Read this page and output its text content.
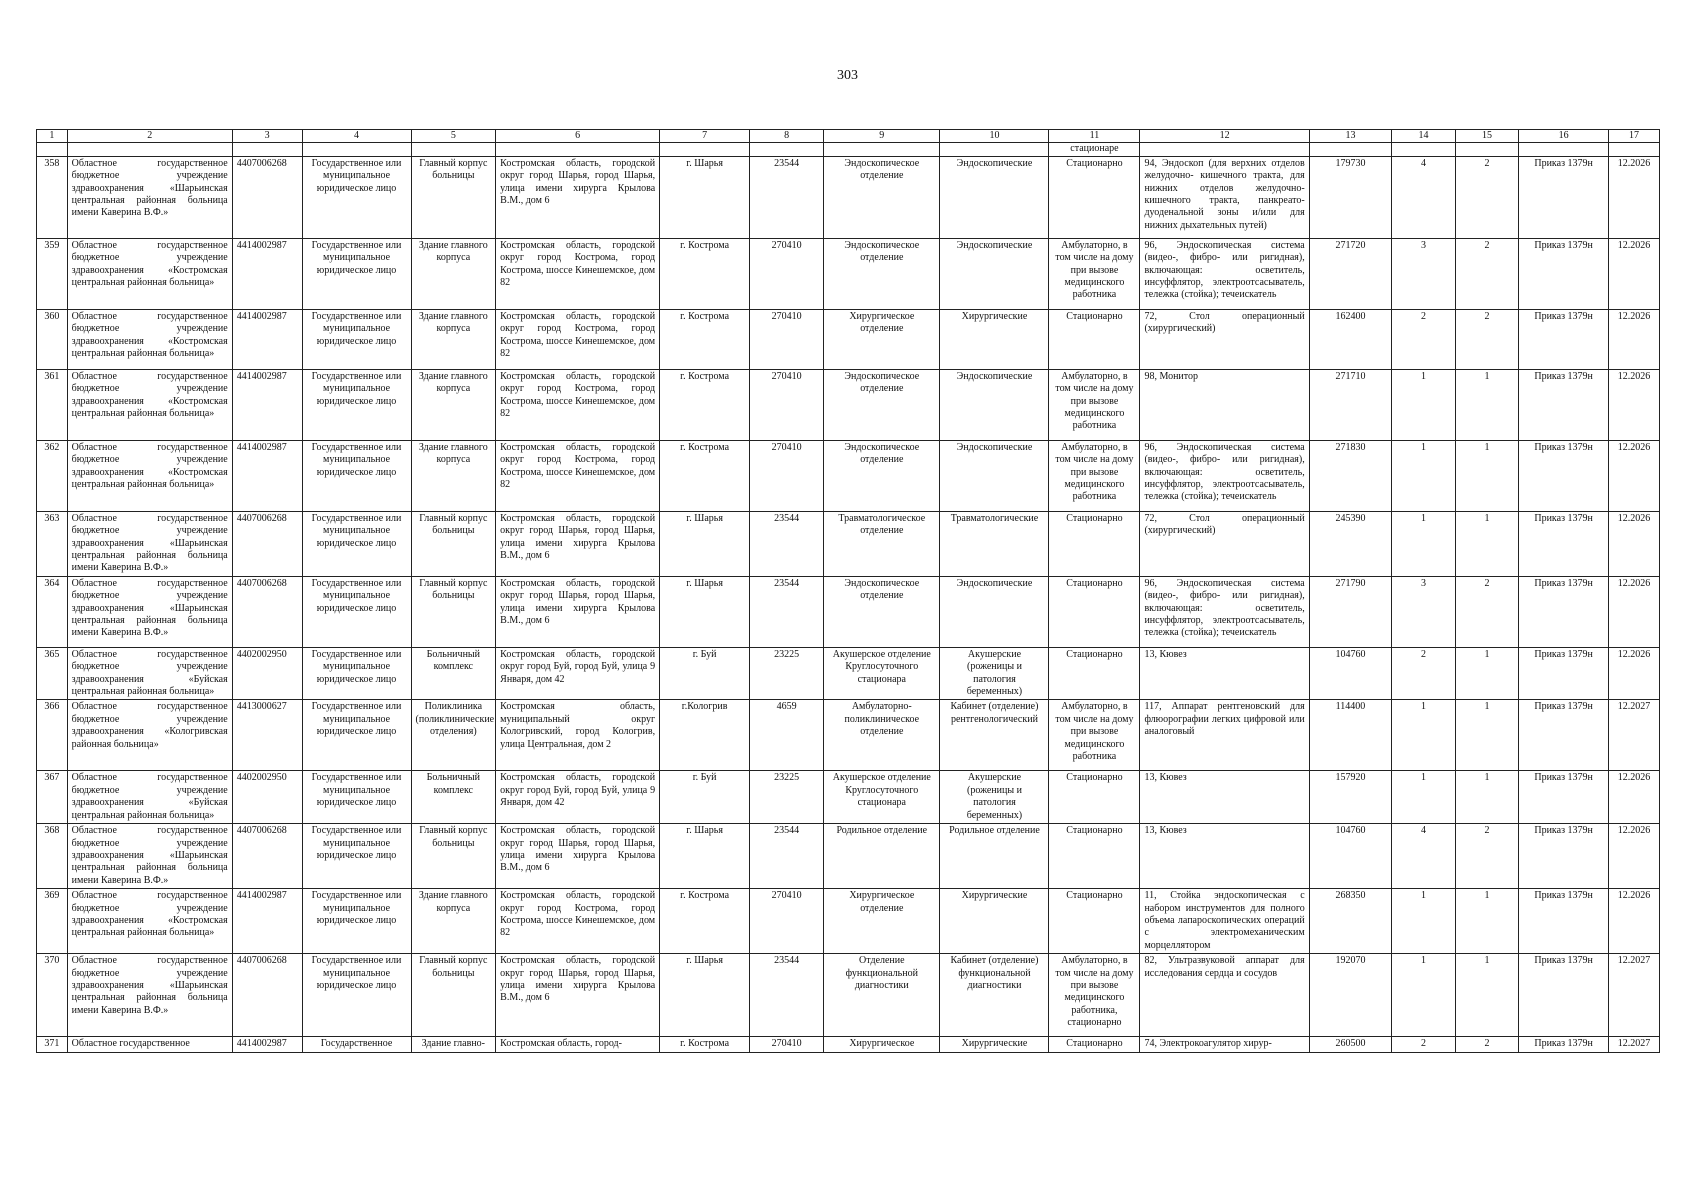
303
1	2	3	4	5	6	7	8	9	10	11	12	13	14	15	16	17
										стационаре						
358	Областное государственное бюджетное учреждение здравоохранения «Шарьинская центральная районная больница имени Каверина В.Ф.»	4407006268	Государственное или муниципальное юридическое лицо	Главный корпус больницы	Костромская область, городской округ город Шарья, город Шарья, улица имени хирурга Крылова В.М., дом 6	г. Шарья	23544	Эндоскопическое отделение	Эндоскопические	Стационарно	94, Эндоскоп (для верхних отделов желудочно- кишечного тракта, для нижних отделов желудочно-кишечного тракта, панкреато-дуоденальной зоны и/или для нижних дыхательных путей)	179730	4	2	Приказ 1379н	12.2026
359	Областное государственное бюджетное учреждение здравоохранения «Костромская центральная районная больница»	4414002987	Государственное или муниципальное юридическое лицо	Здание главного корпуса	Костромская область, городской округ город Кострома, город Кострома, шоссе Кинешемское, дом 82	г. Кострома	270410	Эндоскопическое отделение	Эндоскопические	Амбулаторно, в том числе на дому при вызове медицинского работника	96, Эндоскопическая система (видео-, фибро- или ригидная), включающая: осветитель, инсуффлятор, электроотсасыватель, тележка (стойка); течеискатель	271720	3	2	Приказ 1379н	12.2026
360	Областное государственное бюджетное учреждение здравоохранения «Костромская центральная районная больница»	4414002987	Государственное или муниципальное юридическое лицо	Здание главного корпуса	Костромская область, городской округ город Кострома, город Кострома, шоссе Кинешемское, дом 82	г. Кострома	270410	Хирургическое отделение	Хирургические	Стационарно	72, Стол операционный (хирургический)	162400	2	2	Приказ 1379н	12.2026
361	Областное государственное бюджетное учреждение здравоохранения «Костромская центральная районная больница»	4414002987	Государственное или муниципальное юридическое лицо	Здание главного корпуса	Костромская область, городской округ город Кострома, город Кострома, шоссе Кинешемское, дом 82	г. Кострома	270410	Эндоскопическое отделение	Эндоскопические	Амбулаторно, в том числе на дому при вызове медицинского работника	98, Монитор	271710	1	1	Приказ 1379н	12.2026
362	Областное государственное бюджетное учреждение здравоохранения «Костромская центральная районная больница»	4414002987	Государственное или муниципальное юридическое лицо	Здание главного корпуса	Костромская область, городской округ город Кострома, город Кострома, шоссе Кинешемское, дом 82	г. Кострома	270410	Эндоскопическое отделение	Эндоскопические	Амбулаторно, в том числе на дому при вызове медицинского работника	96, Эндоскопическая система (видео-, фибро- или ригидная), включающая: осветитель, инсуффлятор, электроотсасыватель, тележка (стойка); течеискатель	271830	1	1	Приказ 1379н	12.2026
363	Областное государственное бюджетное учреждение здравоохранения «Шарьинская центральная районная больница имени Каверина В.Ф.»	4407006268	Государственное или муниципальное юридическое лицо	Главный корпус больницы	Костромская область, городской округ город Шарья, город Шарья, улица имени хирурга Крылова В.М., дом 6	г. Шарья	23544	Травматологическое отделение	Травматологические	Стационарно	72, Стол операционный (хирургический)	245390	1	1	Приказ 1379н	12.2026
364	Областное государственное бюджетное учреждение здравоохранения «Шарьинская центральная районная больница имени Каверина В.Ф.»	4407006268	Государственное или муниципальное юридическое лицо	Главный корпус больницы	Костромская область, городской округ город Шарья, город Шарья, улица имени хирурга Крылова В.М., дом 6	г. Шарья	23544	Эндоскопическое отделение	Эндоскопические	Стационарно	96, Эндоскопическая система (видео-, фибро- или ригидная), включающая: осветитель, инсуффлятор, электроотсасыватель, тележка (стойка); течеискатель	271790	3	2	Приказ 1379н	12.2026
365	Областное государственное бюджетное учреждение здравоохранения «Буйская центральная районная больница»	4402002950	Государственное или муниципальное юридическое лицо	Больничный комплекс	Костромская область, городской округ город Буй, город Буй, улица 9 Января, дом 42	г. Буй	23225	Акушерское отделение Круглосуточного стационара	Акушерские (роженицы и патология беременных)	Стационарно	13, Кювез	104760	2	1	Приказ 1379н	12.2026
366	Областное государственное бюджетное учреждение здравоохранения «Кологривская районная больница»	4413000627	Государственное или муниципальное юридическое лицо	Поликлиника (поликлинические отделения)	Костромская область, муниципальный округ Кологривский, город Кологрив, улица Центральная, дом 2	г.Кологрив	4659	Амбулаторно-поликлиническое отделение	Кабинет (отделение) рентгенологический	Амбулаторно, в том числе на дому при вызове медицинского работника	117, Аппарат рентгеновский для флюорографии легких цифровой или аналоговый	114400	1	1	Приказ 1379н	12.2027
367	Областное государственное бюджетное учреждение здравоохранения «Буйская центральная районная больница»	4402002950	Государственное или муниципальное юридическое лицо	Больничный комплекс	Костромская область, городской округ город Буй, город Буй, улица 9 Января, дом 42	г. Буй	23225	Акушерское отделение Круглосуточного стационара	Акушерские (роженицы и патология беременных)	Стационарно	13, Кювез	157920	1	1	Приказ 1379н	12.2026
368	Областное государственное бюджетное учреждение здравоохранения «Шарьинская центральная районная больница имени Каверина В.Ф.»	4407006268	Государственное или муниципальное юридическое лицо	Главный корпус больницы	Костромская область, городской округ город Шарья, город Шарья, улица имени хирурга Крылова В.М., дом 6	г. Шарья	23544	Родильное отделение	Родильное отделение	Стационарно	13, Кювез	104760	4	2	Приказ 1379н	12.2026
369	Областное государственное бюджетное учреждение здравоохранения «Костромская центральная районная больница»	4414002987	Государственное или муниципальное юридическое лицо	Здание главного корпуса	Костромская область, городской округ город Кострома, город Кострома, шоссе Кинешемское, дом 82	г. Кострома	270410	Хирургическое отделение	Хирургические	Стационарно	11, Стойка эндоскопическая с набором инструментов для полного объема лапароскопических операций с электромеханическим морцеллятором	268350	1	1	Приказ 1379н	12.2026
370	Областное государственное бюджетное учреждение здравоохранения «Шарьинская центральная районная больница имени Каверина В.Ф.»	4407006268	Государственное или муниципальное юридическое лицо	Главный корпус больницы	Костромская область, городской округ город Шарья, город Шарья, улица имени хирурга Крылова В.М., дом 6	г. Шарья	23544	Отделение функциональной диагностики	Кабинет (отделение) функциональной диагностики	Амбулаторно, в том числе на дому при вызове медицинского работника, стационарно	82, Ультразвуковой аппарат для исследования сердца и сосудов	192070	1	1	Приказ 1379н	12.2027
371	Областное государственное	4414002987	Государственное	Здание главно-	Костромская область, город-	г. Кострома	270410	Хирургическое	Хирургические	Стационарно	74, Электрокоагулятор хирур-	260500	2	2	Приказ 1379н	12.2027
